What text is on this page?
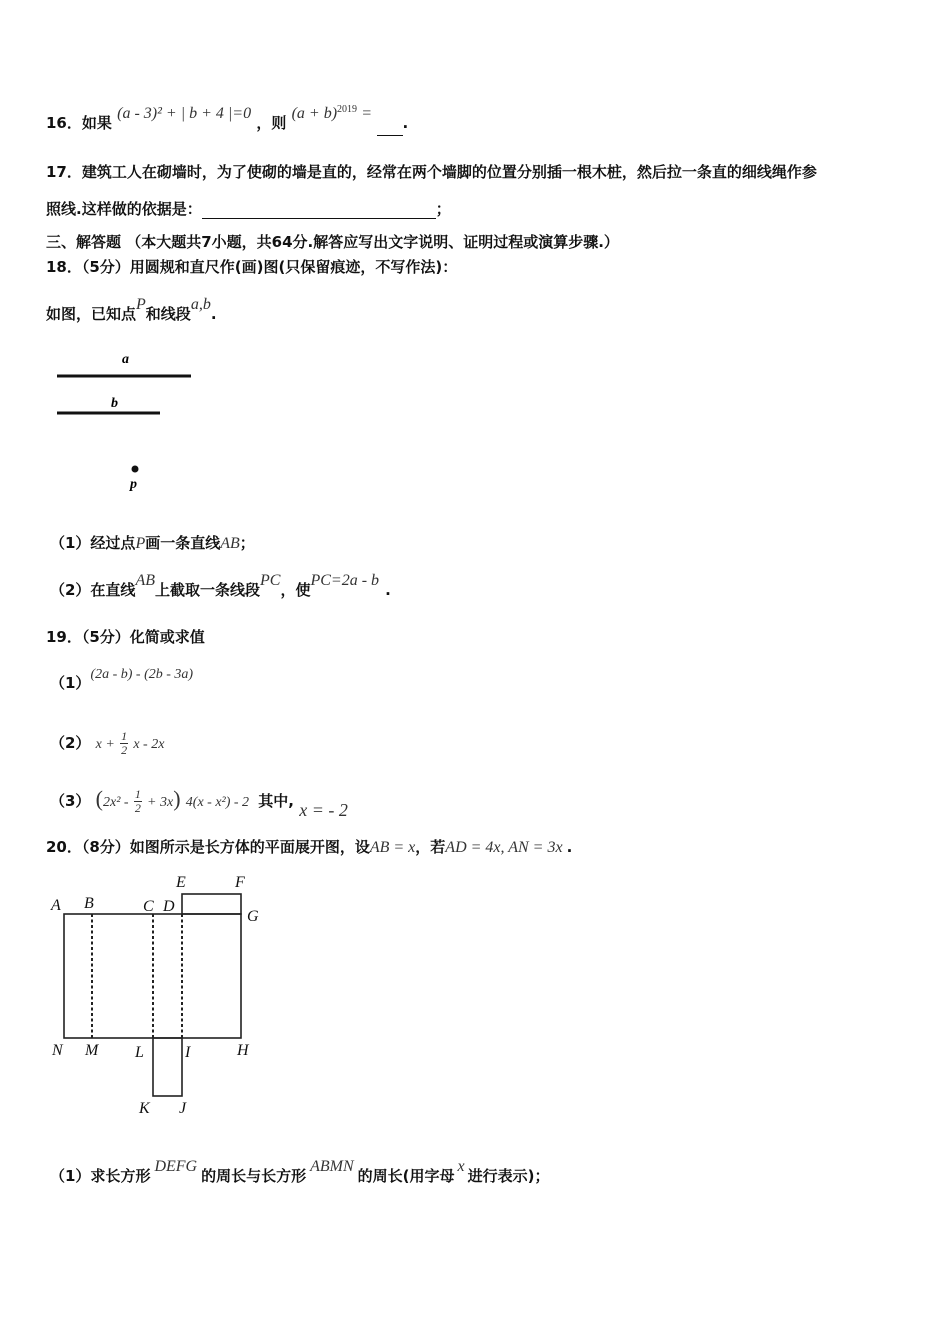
16．如果 (a - 3)² + | b + 4 |=0 ，则 $(a + b)^{2019}$ = .
17．建筑工人在砌墙时，为了使砌的墙是直的，经常在两个墙脚的位置分别插一根木桩，然后拉一条直的细线绳作参
照线.这样做的依据是：	；
三、解答题 （本大题共7小题，共64分.解答应写出文字说明、证明过程或演算步骤.）
18．（5分）用圆规和直尺作(画)图(只保留痕迹，不写作法)：
如图，已知点P和线段a,b.
a
b
p
（1）经过点P画一条直线AB；
（2）在直线AB上截取一条线段PC，使PC=2a - b.
19．（5分）化简或求值
（1）(2a - b) - (2b - 3a)
（2） $x + \frac{1}{2}$ x - 2x
（3） $(2x^2 - \frac{1}{2} + 3x)$ 4(x - x²) - 2 其中, x = - 2
20．（8分）如图所示是长方体的平面展开图，设AB = x，若AD = 4x, AN = 3x .
A B	C D
E	F
G
N M L	I	H
K J
（1）求长方形DEFG的周长与长方形ABMN的周长(用字母x进行表示)；
